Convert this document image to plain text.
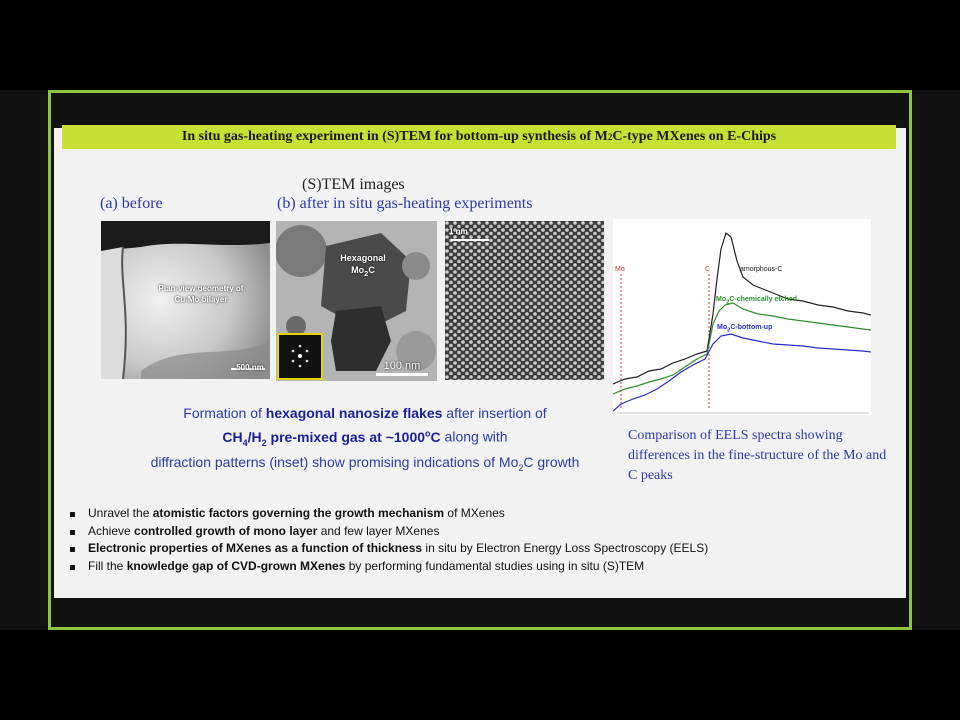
In situ gas-heating experiment in (S)TEM for bottom-up synthesis of M 2 C-type MXenes on E-Chips
(S)TEM images
(a) before	(b) after in situ gas-heating experiments
Plan-view geometry of
Cu-Mo bilayer
500 nm
Hexagonal
$Mo_2C$
100 nm
1 nm
Mo	C	amorphous-C
$Mo_2C$-chemically etched
$Mo_2C-bottom-up$
Formation of hexagonal nanosize flakes after insertion of
$CH_4/H_2$ pre-mixed gas at ~1000$^o$C along with
diffraction patterns (inset) show promising indications of $Mo_2C$ growth
Comparison of EELS spectra showing differences in the fine-structure of the Mo and C peaks
Unravel the atomistic factors governing the growth mechanism of MXenes
Achieve controlled growth of mono layer and few layer MXenes
Electronic properties of MXenes as a function of thickness in situ by Electron Energy Loss Spectroscopy (EELS)
Fill the knowledge gap of CVD-grown MXenes by performing fundamental studies using in situ (S)TEM
